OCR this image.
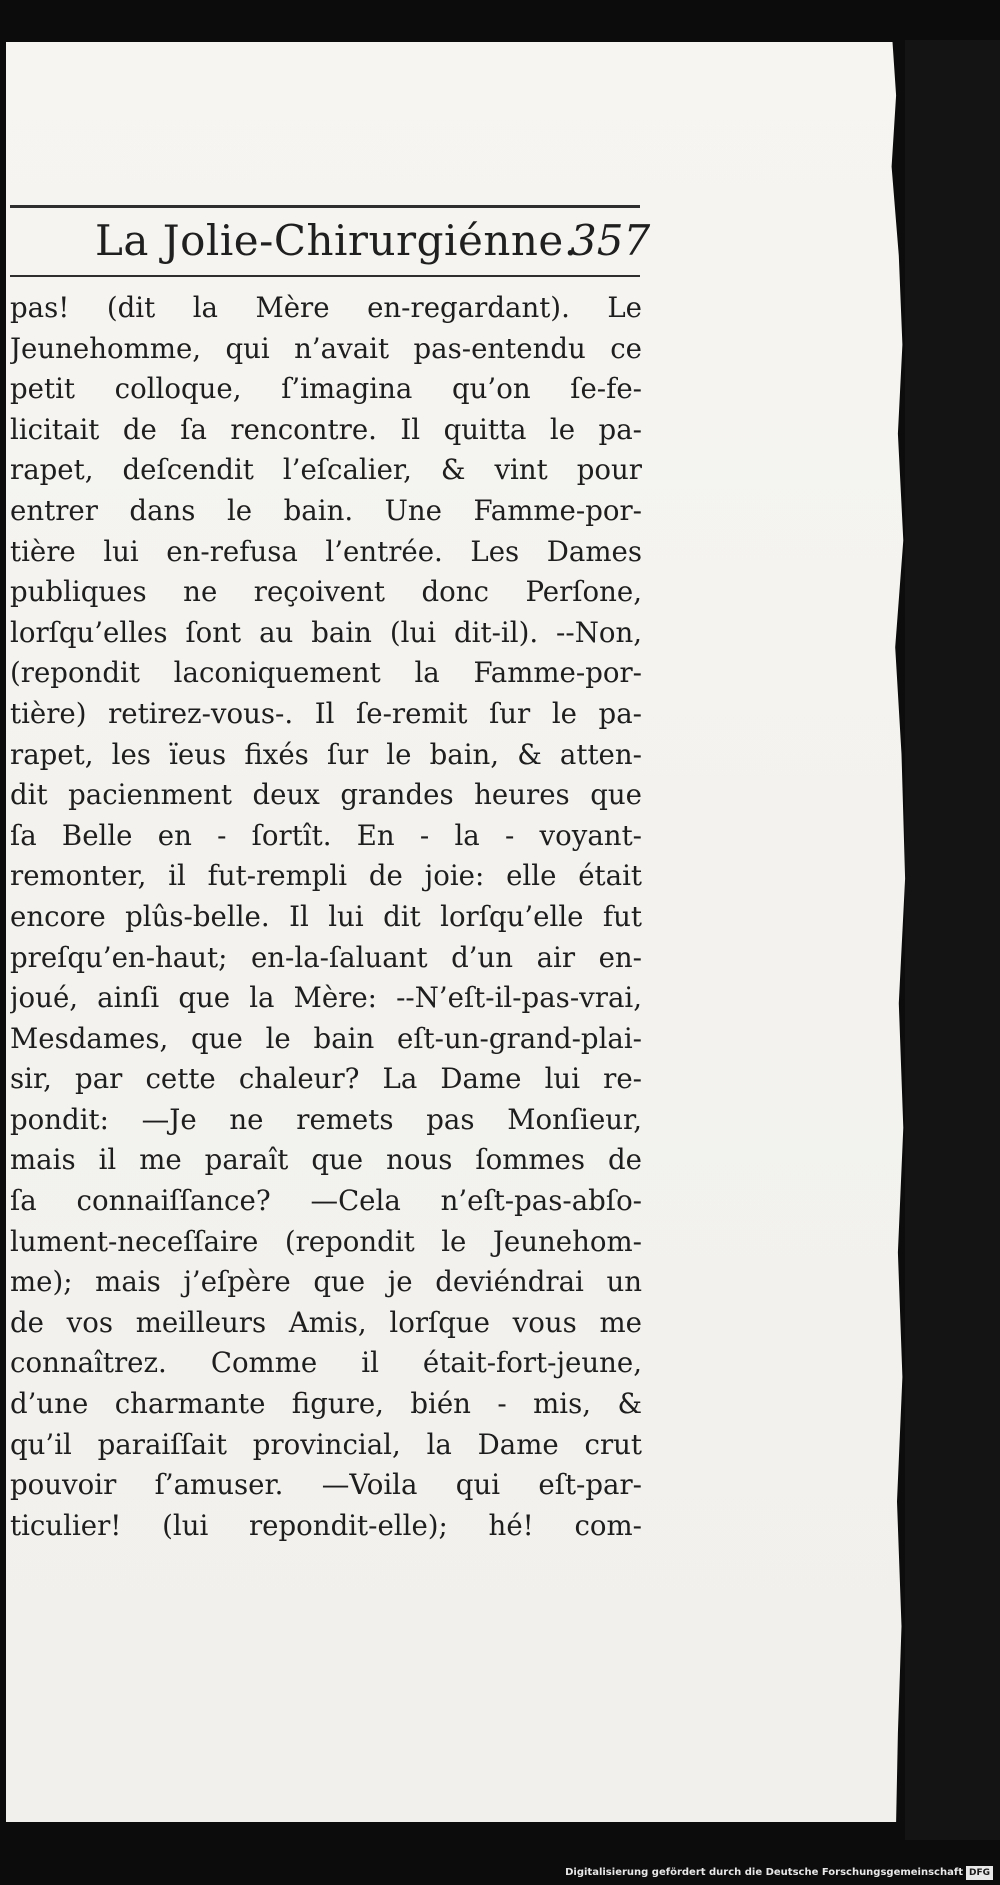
La Jolie-Chirurgiénne.
357
pas! (dit la Mère en-regardant). Le
Jeunehomme, qui n’avait pas-entendu ce
petit colloque, ſ’imagina qu’on ſe-fe-
licitait de ſa rencontre. Il quitta le pa-
rapet, deſcendit l’eſcalier, & vint pour
entrer dans le bain. Une Famme-por-
tière lui en-refusa l’entrée. Les Dames
publiques ne reçoivent donc Perſone,
lorſqu’elles ſont au bain (lui dit-il). --Non,
(repondit laconiquement la Famme-por-
tière) retirez-vous-. Il ſe-remit ſur le pa-
rapet, les ïeus fixés ſur le bain, & atten-
dit pacienment deux grandes heures que
ſa Belle en - ſortît. En - la - voyant-
remonter, il fut-rempli de joie: elle était
encore plûs-belle. Il lui dit lorſqu’elle fut
preſqu’en-haut; en-la-ſaluant d’un air en-
joué, ainſi que la Mère: --N’eſt-il-pas-vrai,
Mesdames, que le bain eſt-un-grand-plai-
sir, par cette chaleur? La Dame lui re-
pondit: —Je ne remets pas Monſieur,
mais il me paraît que nous ſommes de
ſa connaiſſance? —Cela n’eſt-pas-abſo-
lument-neceſſaire (repondit le Jeunehom-
me); mais j’eſpère que je deviéndrai un
de vos meilleurs Amis, lorſque vous me
connaîtrez. Comme il était-fort-jeune,
d’une charmante figure, bién - mis, &
qu’il paraiſſait provincial, la Dame crut
pouvoir ſ’amuser. —Voila qui eſt-par-
ticulier! (lui repondit-elle); hé! com-
Digitalisierung gefördert durch die Deutsche Forschungsgemeinschaft DFG
